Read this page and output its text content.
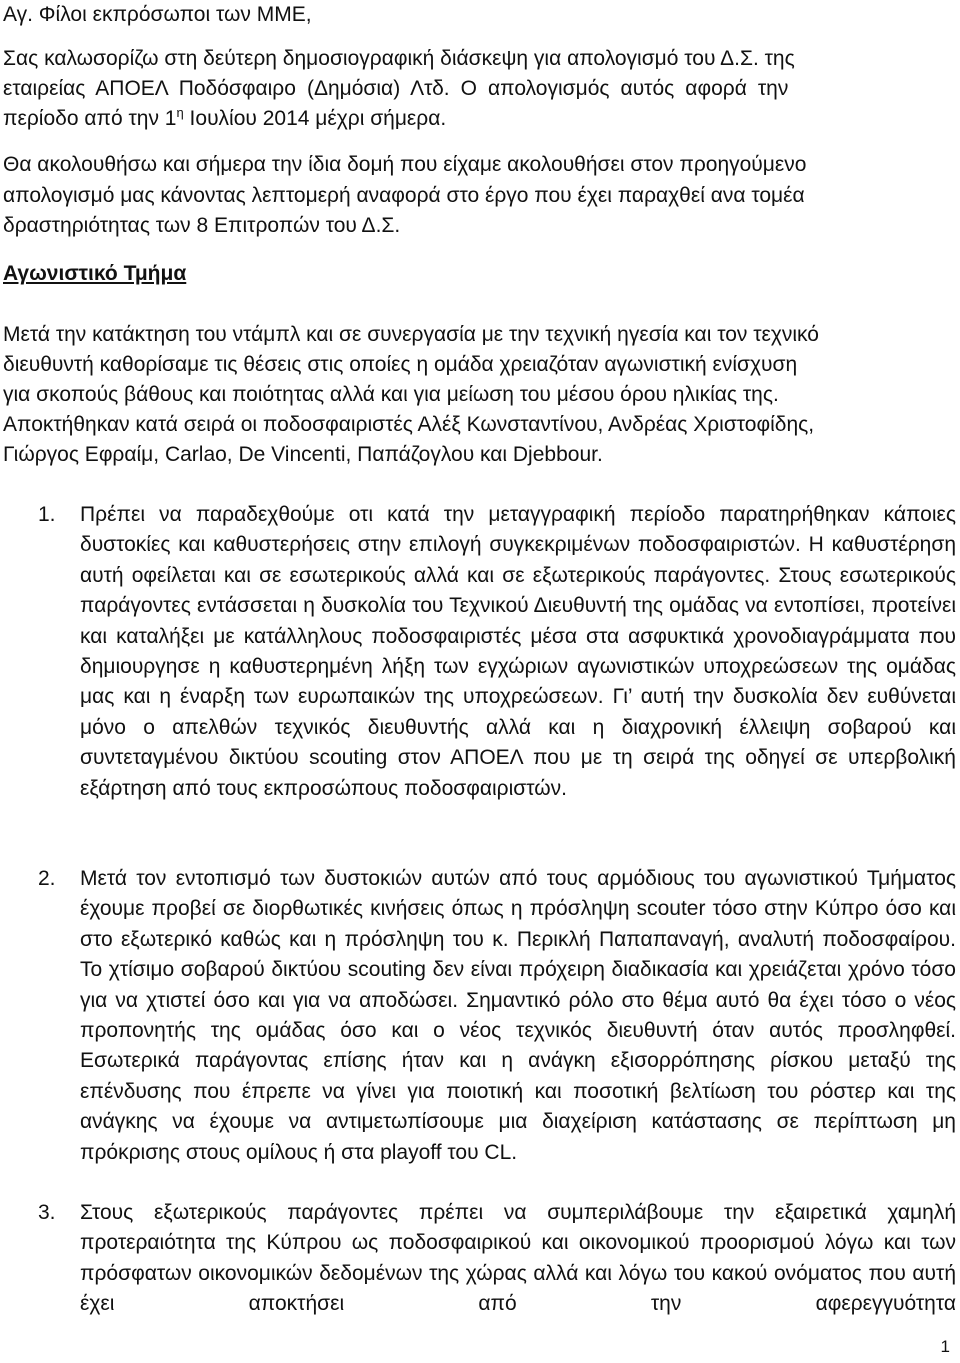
Αγ. Φίλοι εκπρόσωποι των ΜΜΕ,
Σας καλωσορίζω στη δεύτερη δημοσιογραφική διάσκεψη για απολογισμό του Δ.Σ. της
εταιρείας ΑΠΟΕΛ Ποδόσφαιρο (Δημόσια) Λτδ. Ο απολογισμός αυτός αφορά την
περίοδο από την $1^\eta$ Ιουλίου 2014 μέχρι σήμερα.
Θα ακολουθήσω και σήμερα την ίδια δομή που είχαμε ακολουθήσει στον προηγούμενο
απολογισμό μας κάνοντας λεπτομερή αναφορά στο έργο που έχει παραχθεί ανα τομέα
δραστηριότητας των 8 Επιτροπών του Δ.Σ.
Αγωνιστικό Τμήμα
Μετά την κατάκτηση του ντάμπλ και σε συνεργασία με την τεχνική ηγεσία και τον τεχνικό
διευθυντή καθορίσαμε τις θέσεις στις οποίες η ομάδα χρειαζόταν αγωνιστική ενίσχυση
για σκοπούς βάθους και ποιότητας αλλά και για μείωση του μέσου όρου ηλικίας της.
Αποκτήθηκαν κατά σειρά οι ποδοσφαιριστές Αλέξ Κωνσταντίνου, Ανδρέας Χριστοφίδης,
Γιώργος Εφραίμ, Carlao, De Vincenti, Παπάζογλου και Djebbour.
1. Πρέπει να παραδεχθούμε οτι κατά την μεταγγραφική περίοδο παρατηρήθηκαν κάποιες δυστοκίες και καθυστερήσεις στην επιλογή συγκεκριμένων ποδοσφαιριστών. Η καθυστέρηση αυτή οφείλεται και σε εσωτερικούς αλλά και σε εξωτερικούς παράγοντες. Στους εσωτερικούς παράγοντες εντάσσεται η δυσκολία του Τεχνικού Διευθυντή της ομάδας να εντοπίσει, προτείνει και καταλήξει με κατάλληλους ποδοσφαιριστές μέσα στα ασφυκτικά χρονοδιαγράμματα που δημιουργησε η καθυστερημένη λήξη των εγχώριων αγωνιστικών υποχρεώσεων της ομάδας μας και η έναρξη των ευρωπαικών της υποχρεώσεων. Γι’ αυτή την δυσκολία δεν ευθύνεται μόνο ο απελθών τεχνικός διευθυντής αλλά και η διαχρονική έλλειψη σοβαρού και συντεταγμένου δικτύου scouting στον ΑΠΟΕΛ που με τη σειρά της οδηγεί σε υπερβολική εξάρτηση από τους εκπροσώπους ποδοσφαιριστών.

2. Μετά τον εντοπισμό των δυστοκιών αυτών από τους αρμόδιους του αγωνιστικού Τμήματος έχουμε προβεί σε διορθωτικές κινήσεις όπως η πρόσληψη scouter τόσο στην Κύπρο όσο και στο εξωτερικό καθώς και η πρόσληψη του κ. Περικλή Παπαπαναγή, αναλυτή ποδοσφαίρου. Το χτίσιμο σοβαρού δικτύου scouting δεν είναι πρόχειρη διαδικασία και χρειάζεται χρόνο τόσο για να χτιστεί όσο και για να αποδώσει. Σημαντικό ρόλο στο θέμα αυτό θα έχει τόσο ο νέος προπονητής της ομάδας όσο και ο νέος τεχνικός διευθυντή όταν αυτός προσληφθεί. Εσωτερικά παράγοντας επίσης ήταν και η ανάγκη εξισορρόπησης ρίσκου μεταξύ της επένδυσης που έπρεπε να γίνει για ποιοτική και ποσοτική βελτίωση του ρόστερ και της ανάγκης να έχουμε να αντιμετωπίσουμε μια διαχείριση κατάστασης σε περίπτωση μη πρόκρισης στους ομίλους ή στα playoff του CL.

3. Στους εξωτερικούς παράγοντες πρέπει να συμπεριλάβουμε την εξαιρετικά χαμηλή προτεραιότητα της Κύπρου ως ποδοσφαιρικού και οικονομικού προορισμού λόγω και των πρόσφατων οικονομικών δεδομένων της χώρας αλλά και λόγω του κακού ονόματος που αυτή έχει αποκτήσει από την αφερεγγυότητα

1
